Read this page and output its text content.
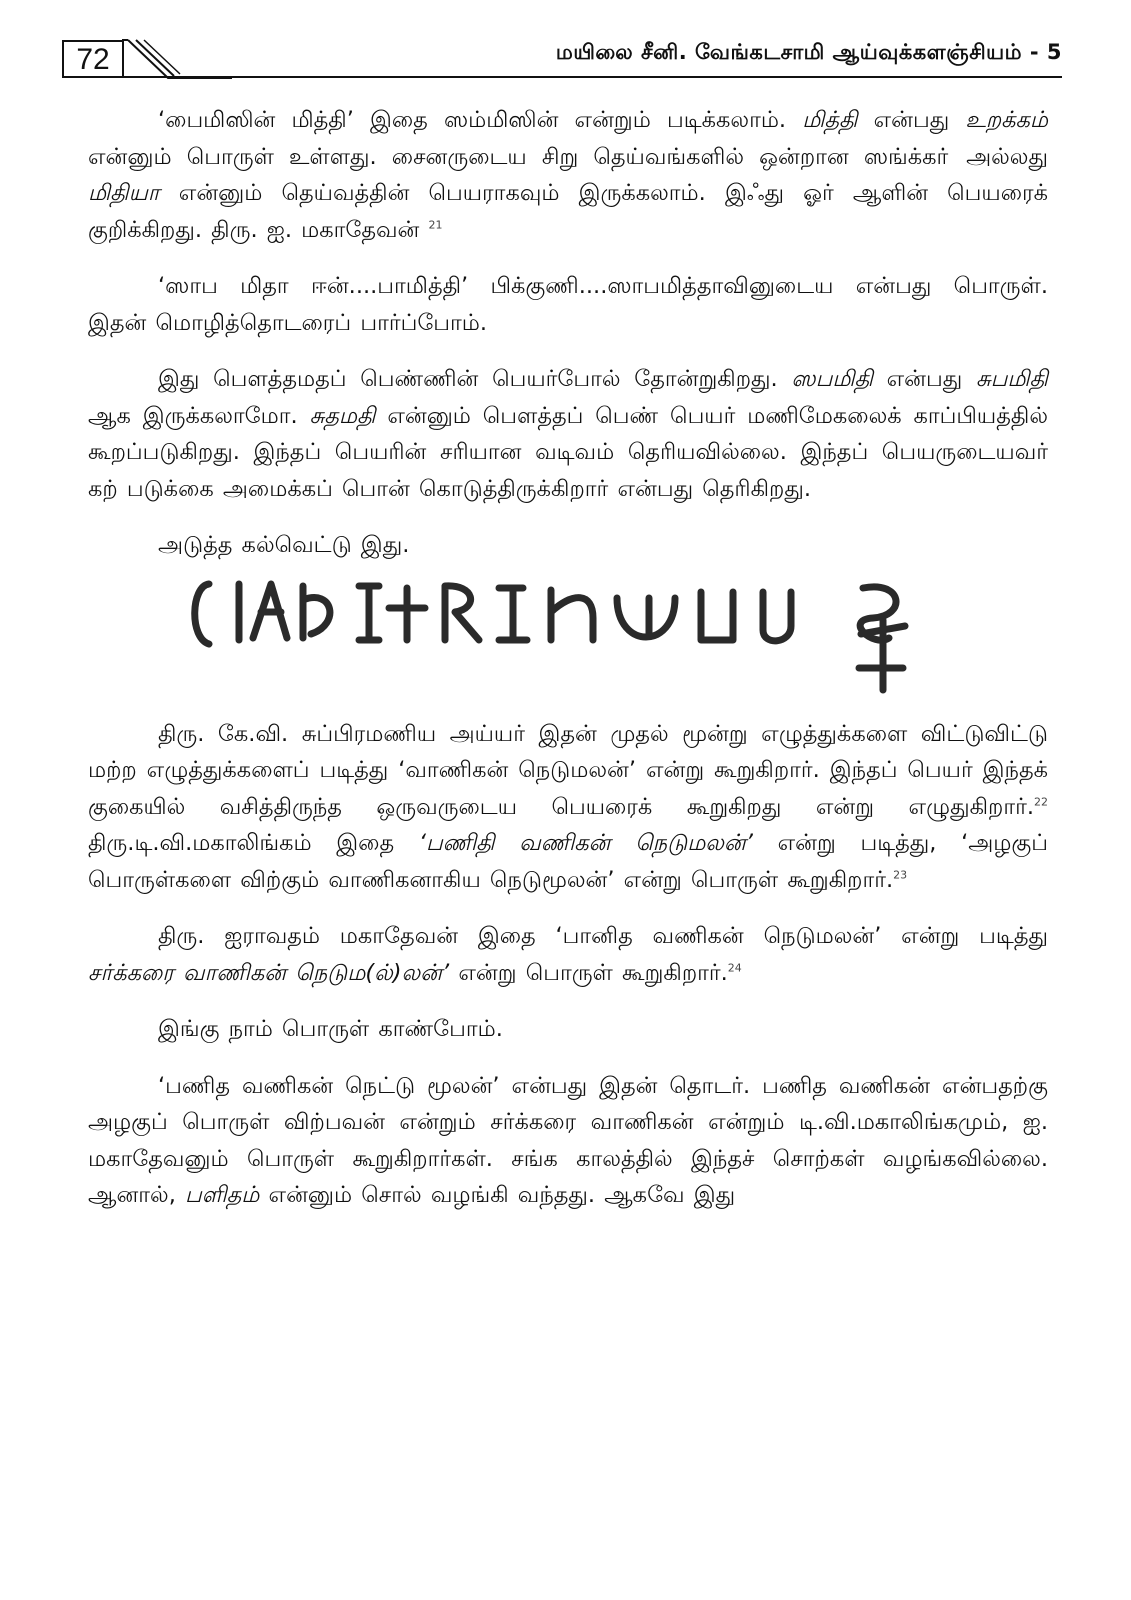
72	மயிலை சீனி. வேங்கடசாமி ஆய்வுக்களஞ்சியம் - 5

‘பைமிஸின் மித்தி’ இதை ஸம்மிஸின் என்றும் படிக்கலாம். மித்தி என்பது உறக்கம் என்னும் பொருள் உள்ளது. சைனருடைய சிறு தெய்வங்களில் ஒன்றான ஸங்க்கா் அல்லது மிதியா என்னும் தெய்வத்தின் பெயராகவும் இருக்கலாம். இஃது ஓர் ஆளின் பெயரைக் குறிக்கிறது. திரு. ஐ. மகாதேவன் $^{21}$

‘ஸாப மிதா ஈன்....பாமித்தி’ பிக்குணி....ஸாபமித்தாவினுடைய என்பது பொருள். இதன் மொழித்தொடரைப் பார்ப்போம்.

இது பௌத்தமதப் பெண்ணின் பெயர்போல் தோன்றுகிறது. ஸபமிதி என்பது சுபமிதி ஆக இருக்கலாமோ. சுதமதி என்னும் பௌத்தப் பெண் பெயர் மணிமேகலைக் காப்பியத்தில் கூறப்படுகிறது. இந்தப் பெயரின் சரியான வடிவம் தெரியவில்லை. இந்தப் பெயருடையவர் கற் படுக்கை அமைக்கப் பொன் கொடுத்திருக்கிறார் என்பது தெரிகிறது.

அடுத்த கல்வெட்டு இது.

திரு. கே.வி. சுப்பிரமணிய அய்யர் இதன் முதல் மூன்று எழுத்துக்களை விட்டுவிட்டு மற்ற எழுத்துக்களைப் படித்து ‘வாணிகன் நெடுமலன்’ என்று கூறுகிறார். இந்தப் பெயர் இந்தக் குகையில் வசித்திருந்த ஒருவருடைய பெயரைக் கூறுகிறது என்று எழுதுகிறார்.$^{22}$ திரு.டி.வி.மகாலிங்கம் இதை ‘பணிதி வணிகன் நெடுமலன்’ என்று படித்து, ‘அழகுப் பொருள்களை விற்கும் வாணிகனாகிய நெடுமூலன்’ என்று பொருள் கூறுகிறார்.$^{23}$

திரு. ஐராவதம் மகாதேவன் இதை ‘பானித வணிகன் நெடுமலன்’ என்று படித்து சர்க்கரை வாணிகன் நெடும(ல்)லன்’ என்று பொருள் கூறுகிறார்.$^{24}$

இங்கு நாம் பொருள் காண்போம்.

‘பணித வணிகன் நெட்டு மூலன்’ என்பது இதன் தொடர். பணித வணிகன் என்பதற்கு அழகுப் பொருள் விற்பவன் என்றும் சர்க்கரை வாணிகன் என்றும் டி.வி.மகாலிங்கமும், ஐ. மகாதேவனும் பொருள் கூறுகிறார்கள். சங்க காலத்தில் இந்தச் சொற்கள் வழங்கவில்லை. ஆனால், பளிதம் என்னும் சொல் வழங்கி வந்தது. ஆகவே இது
